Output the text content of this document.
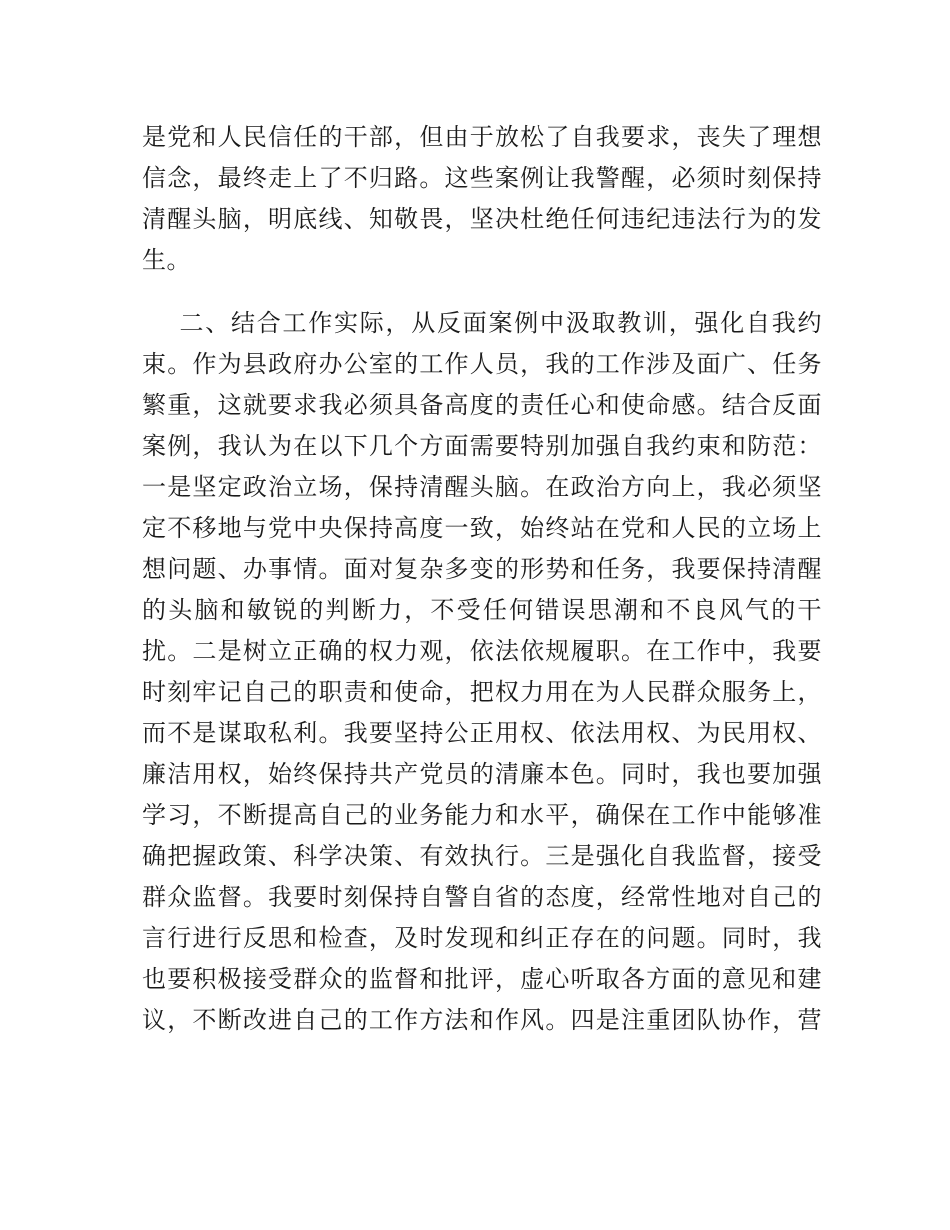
是党和人民信任的干部，但由于放松了自我要求，丧失了理想
信念，最终走上了不归路。这些案例让我警醒，必须时刻保持
清醒头脑，明底线、知敬畏，坚决杜绝任何违纪违法行为的发
生。
二、结合工作实际，从反面案例中汲取教训，强化自我约
束。作为县政府办公室的工作人员，我的工作涉及面广、任务
繁重，这就要求我必须具备高度的责任心和使命感。结合反面
案例，我认为在以下几个方面需要特别加强自我约束和防范：
一是坚定政治立场，保持清醒头脑。在政治方向上，我必须坚
定不移地与党中央保持高度一致，始终站在党和人民的立场上
想问题、办事情。面对复杂多变的形势和任务，我要保持清醒
的头脑和敏锐的判断力，不受任何错误思潮和不良风气的干
扰。二是树立正确的权力观，依法依规履职。在工作中，我要
时刻牢记自己的职责和使命，把权力用在为人民群众服务上，
而不是谋取私利。我要坚持公正用权、依法用权、为民用权、
廉洁用权，始终保持共产党员的清廉本色。同时，我也要加强
学习，不断提高自己的业务能力和水平，确保在工作中能够准
确把握政策、科学决策、有效执行。三是强化自我监督，接受
群众监督。我要时刻保持自警自省的态度，经常性地对自己的
言行进行反思和检查，及时发现和纠正存在的问题。同时，我
也要积极接受群众的监督和批评，虚心听取各方面的意见和建
议，不断改进自己的工作方法和作风。四是注重团队协作，营
